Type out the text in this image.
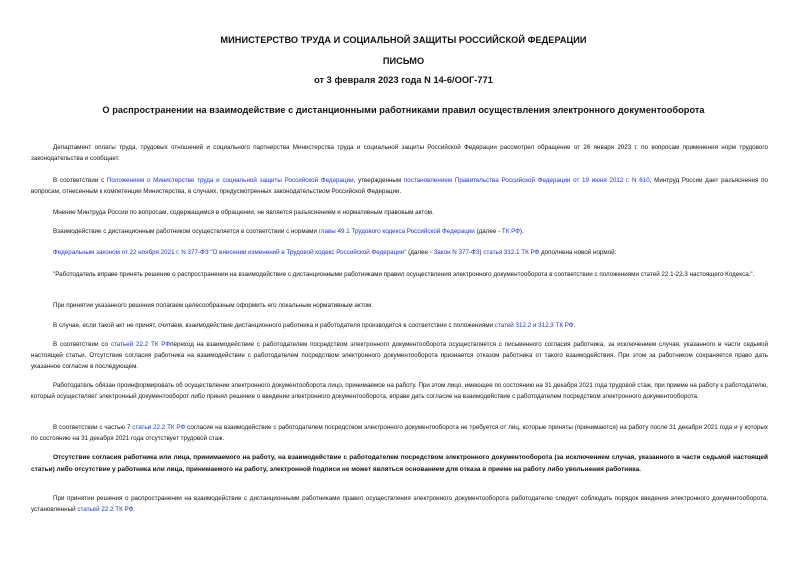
МИНИСТЕРСТВО ТРУДА И СОЦИАЛЬНОЙ ЗАЩИТЫ РОССИЙСКОЙ ФЕДЕРАЦИИ
ПИСЬМО
от 3 февраля 2023 года N 14-6/ООГ-771
О распространении на взаимодействие с дистанционными работниками правил осуществления электронного документооборота
Департамент оплаты труда, трудовых отношений и социального партнерства Министерства труда и социальной защиты Российской Федерации рассмотрел обращение от 26 января 2023 г. по вопросам применения норм трудового законодательства и сообщает.
В соответствии с Положением о Министерстве труда и социальной защиты Российской Федерации, утвержденным постановлением Правительства Российской Федерации от 19 июня 2012 г. N 610, Минтруд России дает разъяснения по вопросам, отнесенным к компетенции Министерства, в случаях, предусмотренных законодательством Российской Федерации.
Мнение Минтруда России по вопросам, содержащимся в обращении, не является разъяснением и нормативным правовым актом.
Взаимодействие с дистанционным работником осуществляется в соответствии с нормами главы 49.1 Трудового кодекса Российской Федерации (далее - ТК РФ).
Федеральным законом от 22 ноября 2021 г. N 377-ФЗ "О внесении изменений в Трудовой кодекс Российской Федерации" (далее - Закон N 377-ФЗ) статья 312.1 ТК РФ дополнена новой нормой:
"Работодатель вправе принять решение о распространении на взаимодействие с дистанционными работниками правил осуществления электронного документооборота в соответствии с положениями статей 22.1-22.3 настоящего Кодекса.".
При принятии указанного решения полагаем целесообразным оформить его локальным нормативным актом.
В случае, если такой акт не принят, считаем, взаимодействие дистанционного работника и работодателя производится в соответствии с положениями статей 312.2 и 312.3 ТК РФ.
В соответствии со статьей 22.2 ТК РФпереход на взаимодействие с работодателем посредством электронного документооборота осуществляется с письменного согласия работника, за исключением случая, указанного в части седьмой настоящей статьи. Отсутствие согласия работника на взаимодействие с работодателем посредством электронного документооборота признается отказом работника от такого взаимодействия. При этом за работником сохраняется право дать указанное согласие в последующем.
Работодатель обязан проинформировать об осуществлении электронного документооборота лицо, принимаемое на работу. При этом лицо, имеющее по состоянию на 31 декабря 2021 года трудовой стаж, при приеме на работу к работодателю, который осуществляет электронный документооборот либо принял решение о введении электронного документооборота, вправе дать согласие на взаимодействие с работодателем посредством электронного документооборота.
В соответствии с частью 7 статьи 22.2 ТК РФ согласие на взаимодействие с работодателем посредством электронного документооборота не требуется от лиц, которые приняты (принимаются) на работу после 31 декабря 2021 года и у которых по состоянию на 31 декабря 2021 года отсутствует трудовой стаж.
Отсутствие согласия работника или лица, принимаемого на работу, на взаимодействие с работодателем посредством электронного документооборота (за исключением случая, указанного в части седьмой настоящей статьи) либо отсутствие у работника или лица, принимаемого на работу, электронной подписи не может являться основанием для отказа в приеме на работу либо увольнения работника.
При принятии решения о распространении на взаимодействие с дистанционными работниками правил осуществления электронного документооборота работодателю следует соблюдать порядок введения электронного документооборота, установленный статьей 22.2 ТК РФ.
